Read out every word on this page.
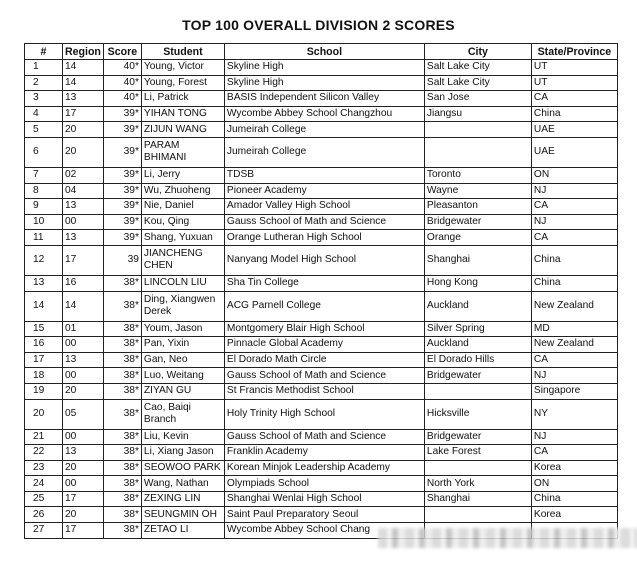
TOP 100 OVERALL DIVISION 2 SCORES
#	Region	Score	Student	School	City	State/Province
1	14	40*	Young, Victor	Skyline High	Salt Lake City	UT
2	14	40*	Young, Forest	Skyline High	Salt Lake City	UT
3	13	40*	Li, Patrick	BASIS Independent Silicon Valley	San Jose	CA
4	17	39*	YIHAN TONG	Wycombe Abbey School Changzhou	Jiangsu	China
5	20	39*	ZIJUN WANG	Jumeirah College		UAE
6	20	39*	PARAM BHIMANI	Jumeirah College		UAE
7	02	39*	Li, Jerry	TDSB	Toronto	ON
8	04	39*	Wu, Zhuoheng	Pioneer Academy	Wayne	NJ
9	13	39*	Nie, Daniel	Amador Valley High School	Pleasanton	CA
10	00	39*	Kou, Qing	Gauss School of Math and Science	Bridgewater	NJ
11	13	39*	Shang, Yuxuan	Orange Lutheran High School	Orange	CA
12	17	39	JIANCHENG CHEN	Nanyang Model High School	Shanghai	China
13	16	38*	LINCOLN LIU	Sha Tin College	Hong Kong	China
14	14	38*	Ding, Xiangwen Derek	ACG Parnell College	Auckland	New Zealand
15	01	38*	Youm, Jason	Montgomery Blair High School	Silver Spring	MD
16	00	38*	Pan, Yixin	Pinnacle Global Academy	Auckland	New Zealand
17	13	38*	Gan, Neo	El Dorado Math Circle	El Dorado Hills	CA
18	00	38*	Luo, Weitang	Gauss School of Math and Science	Bridgewater	NJ
19	20	38*	ZIYAN GU	St Francis Methodist School		Singapore
20	05	38*	Cao, Baiqi Branch	Holy Trinity High School	Hicksville	NY
21	00	38*	Liu, Kevin	Gauss School of Math and Science	Bridgewater	NJ
22	13	38*	Li, Xiang Jason	Franklin Academy	Lake Forest	CA
23	20	38*	SEOWOO PARK	Korean Minjok Leadership Academy		Korea
24	00	38*	Wang, Nathan	Olympiads School	North York	ON
25	17	38*	ZEXING LIN	Shanghai Wenlai High School	Shanghai	China
26	20	38*	SEUNGMIN OH	Saint Paul Preparatory Seoul		Korea
27	17	38*	ZETAO LI	Wycombe Abbey School Chang		
